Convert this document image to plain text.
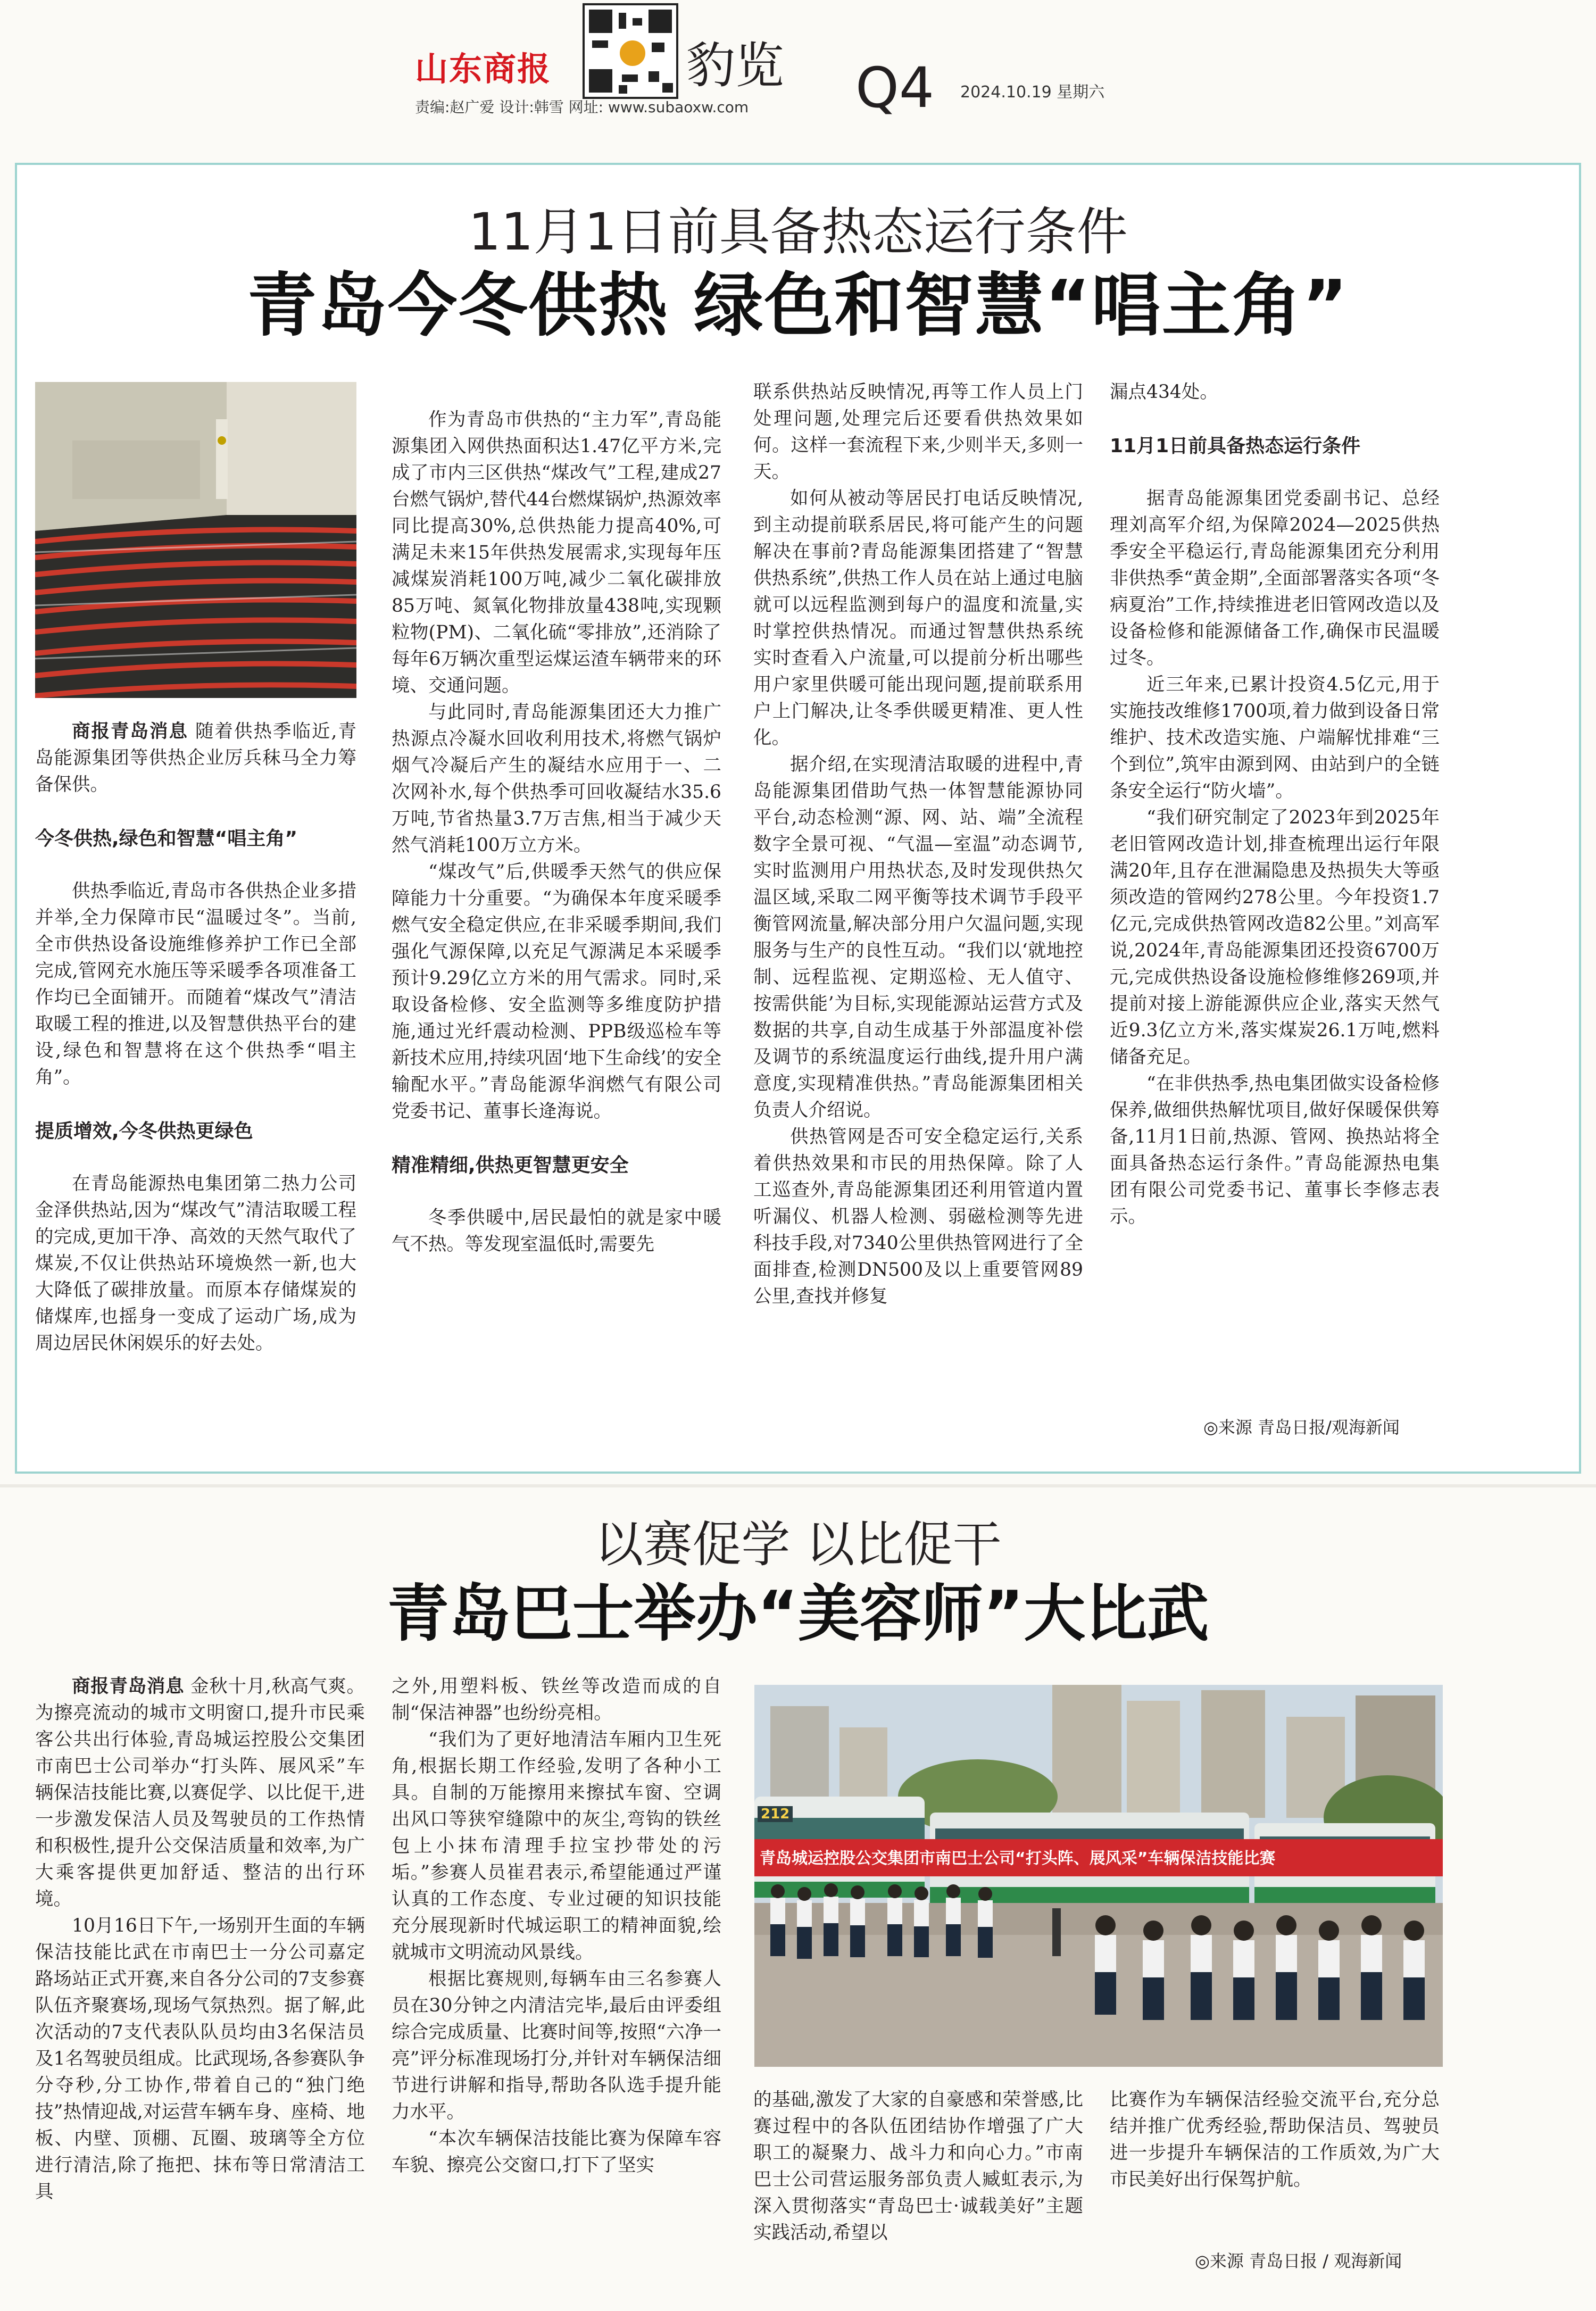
山东商报	豹览
责编:赵广爱 设计:韩雪 网址: www.subaoxw.com Q4 2024.10.19 星期六
11月1日前具备热态运行条件
青岛今冬供热 绿色和智慧“唱主角”

商报青岛消息 随着供热季临近,青岛能源集团等供热企业厉兵秣马全力筹备保供。

今冬供热,绿色和智慧“唱主角”

供热季临近,青岛市各供热企业多措并举,全力保障市民“温暖过冬”。当前,全市供热设备设施维修养护工作已全部完成,管网充水施压等采暖季各项准备工作均已全面铺开。而随着“煤改气”清洁取暖工程的推进,以及智慧供热平台的建设,绿色和智慧将在这个供热季“唱主角”。

提质增效,今冬供热更绿色

在青岛能源热电集团第二热力公司金泽供热站,因为“煤改气”清洁取暖工程的完成,更加干净、高效的天然气取代了煤炭,不仅让供热站环境焕然一新,也大大降低了碳排放量。而原本存储煤炭的储煤库,也摇身一变成了运动广场,成为周边居民休闲娱乐的好去处。

作为青岛市供热的“主力军”,青岛能源集团入网供热面积达1.47亿平方米,完成了市内三区供热“煤改气”工程,建成27台燃气锅炉,替代44台燃煤锅炉,热源效率同比提高30%,总供热能力提高40%,可满足未来15年供热发展需求,实现每年压减煤炭消耗100万吨,减少二氧化碳排放85万吨、氮氧化物排放量438吨,实现颗粒物(PM)、二氧化硫“零排放”,还消除了每年6万辆次重型运煤运渣车辆带来的环境、交通问题。

与此同时,青岛能源集团还大力推广热源点冷凝水回收利用技术,将燃气锅炉烟气冷凝后产生的凝结水应用于一、二次网补水,每个供热季可回收凝结水35.6万吨,节省热量3.7万吉焦,相当于减少天然气消耗100万立方米。

“煤改气”后,供暖季天然气的供应保障能力十分重要。“为确保本年度采暖季燃气安全稳定供应,在非采暖季期间,我们强化气源保障,以充足气源满足本采暖季预计9.29亿立方米的用气需求。同时,采取设备检修、安全监测等多维度防护措施,通过光纤震动检测、PPB级巡检车等新技术应用,持续巩固‘地下生命线’的安全输配水平。”青岛能源华润燃气有限公司党委书记、董事长逄海说。

精准精细,供热更智慧更安全

冬季供暖中,居民最怕的就是家中暖气不热。等发现室温低时,需要先

联系供热站反映情况,再等工作人员上门处理问题,处理完后还要看供热效果如何。这样一套流程下来,少则半天,多则一天。

如何从被动等居民打电话反映情况,到主动提前联系居民,将可能产生的问题解决在事前?青岛能源集团搭建了“智慧供热系统”,供热工作人员在站上通过电脑就可以远程监测到每户的温度和流量,实时掌控供热情况。而通过智慧供热系统实时查看入户流量,可以提前分析出哪些用户家里供暖可能出现问题,提前联系用户上门解决,让冬季供暖更精准、更人性化。

据介绍,在实现清洁取暖的进程中,青岛能源集团借助气热一体智慧能源协同平台,动态检测“源、网、站、端”全流程数字全景可视、“气温—室温”动态调节,实时监测用户用热状态,及时发现供热欠温区域,采取二网平衡等技术调节手段平衡管网流量,解决部分用户欠温问题,实现服务与生产的良性互动。“我们以‘就地控制、远程监视、定期巡检、无人值守、按需供能’为目标,实现能源站运营方式及数据的共享,自动生成基于外部温度补偿及调节的系统温度运行曲线,提升用户满意度,实现精准供热。”青岛能源集团相关负责人介绍说。

供热管网是否可安全稳定运行,关系着供热效果和市民的用热保障。除了人工巡查外,青岛能源集团还利用管道内置听漏仪、机器人检测、弱磁检测等先进科技手段,对7340公里供热管网进行了全面排查,检测DN500及以上重要管网89公里,查找并修复

漏点434处。

11月1日前具备热态运行条件

据青岛能源集团党委副书记、总经理刘高军介绍,为保障2024—2025供热季安全平稳运行,青岛能源集团充分利用非供热季“黄金期”,全面部署落实各项“冬病夏治”工作,持续推进老旧管网改造以及设备检修和能源储备工作,确保市民温暖过冬。

近三年来,已累计投资4.5亿元,用于实施技改维修1700项,着力做到设备日常维护、技术改造实施、户端解忧排难“三个到位”,筑牢由源到网、由站到户的全链条安全运行“防火墙”。

“我们研究制定了2023年到2025年老旧管网改造计划,排查梳理出运行年限满20年,且存在泄漏隐患及热损失大等亟须改造的管网约278公里。今年投资1.7亿元,完成供热管网改造82公里。”刘高军说,2024年,青岛能源集团还投资6700万元,完成供热设备设施检修维修269项,并提前对接上游能源供应企业,落实天然气近9.3亿立方米,落实煤炭26.1万吨,燃料储备充足。

“在非供热季,热电集团做实设备检修保养,做细供热解忧项目,做好保暖保供筹备,11月1日前,热源、管网、换热站将全面具备热态运行条件。”青岛能源热电集团有限公司党委书记、董事长李修志表示。

◎来源 青岛日报/观海新闻
以赛促学 以比促干
青岛巴士举办“美容师”大比武
青岛城运控股公交集团市南巴士公司“打头阵、展风采”车辆保洁技能比赛
212

商报青岛消息 金秋十月,秋高气爽。为擦亮流动的城市文明窗口,提升市民乘客公共出行体验,青岛城运控股公交集团市南巴士公司举办“打头阵、展风采”车辆保洁技能比赛,以赛促学、以比促干,进一步激发保洁人员及驾驶员的工作热情和积极性,提升公交保洁质量和效率,为广大乘客提供更加舒适、整洁的出行环境。

10月16日下午,一场别开生面的车辆保洁技能比武在市南巴士一分公司嘉定路场站正式开赛,来自各分公司的7支参赛队伍齐聚赛场,现场气氛热烈。据了解,此次活动的7支代表队队员均由3名保洁员及1名驾驶员组成。比武现场,各参赛队争分夺秒,分工协作,带着自己的“独门绝技”热情迎战,对运营车辆车身、座椅、地板、内壁、顶棚、瓦圈、玻璃等全方位进行清洁,除了拖把、抹布等日常清洁工具

之外,用塑料板、铁丝等改造而成的自制“保洁神器”也纷纷亮相。

“我们为了更好地清洁车厢内卫生死角,根据长期工作经验,发明了各种小工具。自制的万能擦用来擦拭车窗、空调出风口等狭窄缝隙中的灰尘,弯钩的铁丝包上小抹布清理手拉宝抄带处的污垢。”参赛人员崔君表示,希望能通过严谨认真的工作态度、专业过硬的知识技能充分展现新时代城运职工的精神面貌,绘就城市文明流动风景线。

根据比赛规则,每辆车由三名参赛人员在30分钟之内清洁完毕,最后由评委组综合完成质量、比赛时间等,按照“六净一亮”评分标准现场打分,并针对车辆保洁细节进行讲解和指导,帮助各队选手提升能力水平。

“本次车辆保洁技能比赛为保障车容车貌、擦亮公交窗口,打下了坚实

的基础,激发了大家的自豪感和荣誉感,比赛过程中的各队伍团结协作增强了广大职工的凝聚力、战斗力和向心力。”市南巴士公司营运服务部负责人臧虹表示,为深入贯彻落实“青岛巴士·诚载美好”主题实践活动,希望以

比赛作为车辆保洁经验交流平台,充分总结并推广优秀经验,帮助保洁员、驾驶员进一步提升车辆保洁的工作质效,为广大市民美好出行保驾护航。

◎来源 青岛日报 / 观海新闻
